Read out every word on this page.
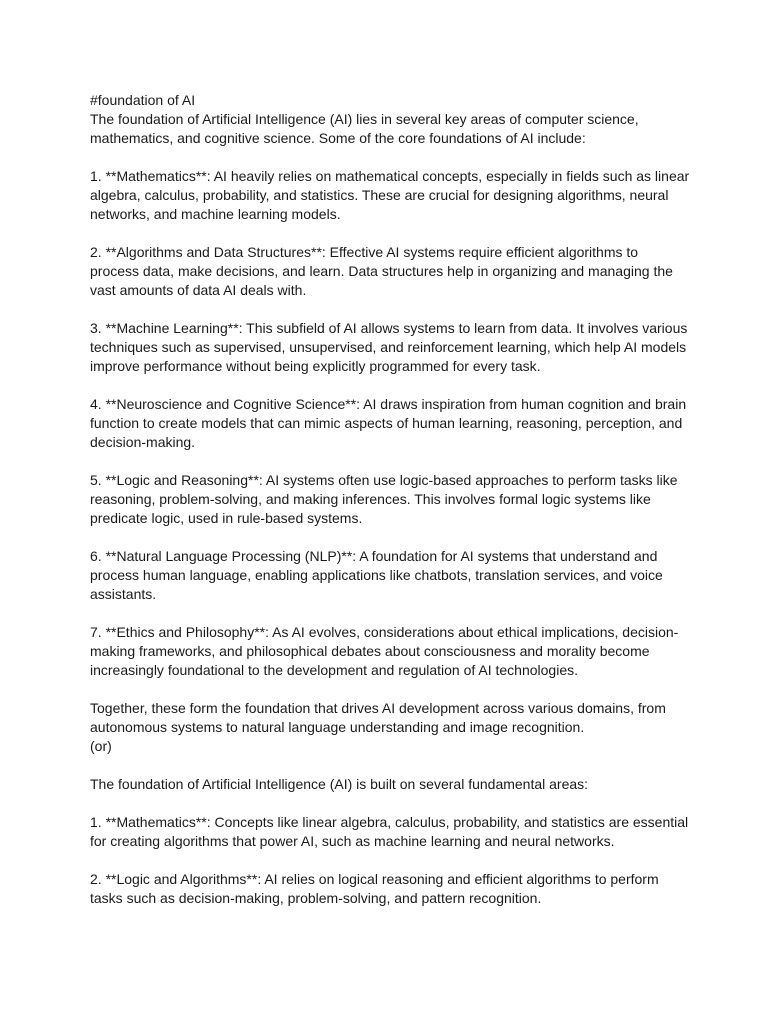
#foundation of AI

The foundation of Artificial Intelligence (AI) lies in several key areas of computer science, mathematics, and cognitive science. Some of the core foundations of AI include:

1. **Mathematics**: AI heavily relies on mathematical concepts, especially in fields such as linear algebra, calculus, probability, and statistics. These are crucial for designing algorithms, neural networks, and machine learning models.

2. **Algorithms and Data Structures**: Effective AI systems require efficient algorithms to process data, make decisions, and learn. Data structures help in organizing and managing the vast amounts of data AI deals with.

3. **Machine Learning**: This subfield of AI allows systems to learn from data. It involves various techniques such as supervised, unsupervised, and reinforcement learning, which help AI models improve performance without being explicitly programmed for every task.

4. **Neuroscience and Cognitive Science**: AI draws inspiration from human cognition and brain function to create models that can mimic aspects of human learning, reasoning, perception, and decision-making.

5. **Logic and Reasoning**: AI systems often use logic-based approaches to perform tasks like reasoning, problem-solving, and making inferences. This involves formal logic systems like predicate logic, used in rule-based systems.

6. **Natural Language Processing (NLP)**: A foundation for AI systems that understand and process human language, enabling applications like chatbots, translation services, and voice assistants.

7. **Ethics and Philosophy**: As AI evolves, considerations about ethical implications, decision-making frameworks, and philosophical debates about consciousness and morality become increasingly foundational to the development and regulation of AI technologies.

Together, these form the foundation that drives AI development across various domains, from autonomous systems to natural language understanding and image recognition.

(or)

The foundation of Artificial Intelligence (AI) is built on several fundamental areas:

1. **Mathematics**: Concepts like linear algebra, calculus, probability, and statistics are essential for creating algorithms that power AI, such as machine learning and neural networks.

2. **Logic and Algorithms**: AI relies on logical reasoning and efficient algorithms to perform tasks such as decision-making, problem-solving, and pattern recognition.
